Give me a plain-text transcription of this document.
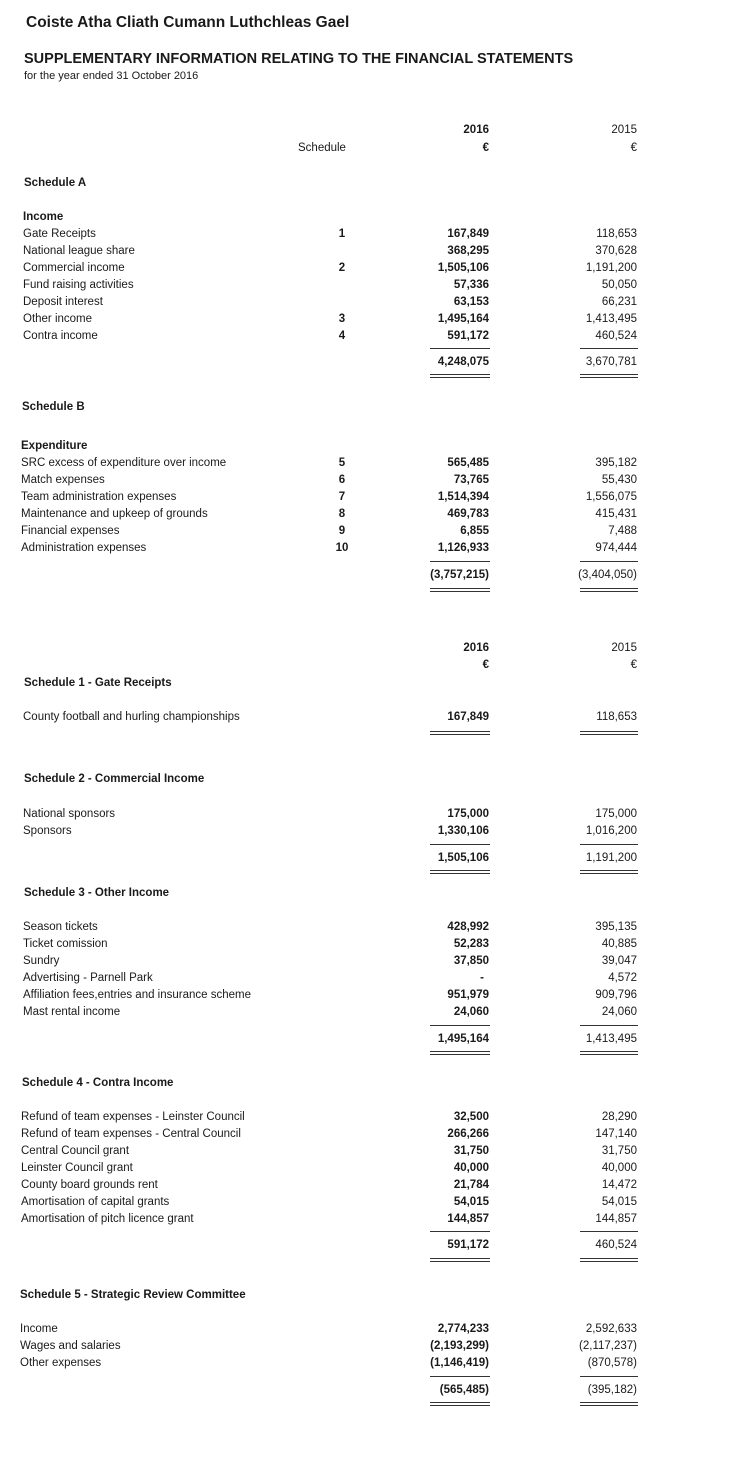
Coiste Atha Cliath Cumann Luthchleas Gael
SUPPLEMENTARY INFORMATION RELATING TO THE FINANCIAL STATEMENTS
for the year ended 31 October 2016
2016	2015
€	€
Schedule
Schedule A
Income
Gate Receipts	1	167,849	118,653
National league share	368,295	370,628
Commercial income	2	1,505,106	1,191,200
Fund raising activities	57,336	50,050
Deposit interest	63,153	66,231
Other income	3	1,495,164	1,413,495
Contra income	4	591,172	460,524
4,248,075	3,670,781
Schedule B
Expenditure
SRC excess of expenditure over income	5	565,485	395,182
Match expenses	6	73,765	55,430
Team administration expenses	7	1,514,394	1,556,075
Maintenance and upkeep of grounds	8	469,783	415,431
Financial expenses	9	6,855	7,488
Administration expenses	10	1,126,933	974,444
(3,757,215)	(3,404,050)
2016	2015
€	€
Schedule 1 - Gate Receipts
County football and hurling championships	167,849	118,653
Schedule 2 - Commercial Income
National sponsors	175,000	175,000
Sponsors	1,330,106	1,016,200
1,505,106	1,191,200
Schedule 3 - Other Income
Season tickets	428,992	395,135
Ticket comission	52,283	40,885
Sundry	37,850	39,047
Advertising - Parnell Park	-	4,572
Affiliation fees,entries and insurance scheme	951,979	909,796
Mast rental income	24,060	24,060
1,495,164	1,413,495
Schedule 4 - Contra Income
Refund of team expenses - Leinster Council	32,500	28,290
Refund of team expenses - Central Council	266,266	147,140
Central Council grant	31,750	31,750
Leinster Council grant	40,000	40,000
County board grounds rent	21,784	14,472
Amortisation of capital grants	54,015	54,015
Amortisation of pitch licence grant	144,857	144,857
591,172	460,524
Schedule 5 - Strategic Review Committee
Income	2,774,233	2,592,633
Wages and salaries	(2,193,299)	(2,117,237)
Other expenses	(1,146,419)	(870,578)
(565,485)	(395,182)
